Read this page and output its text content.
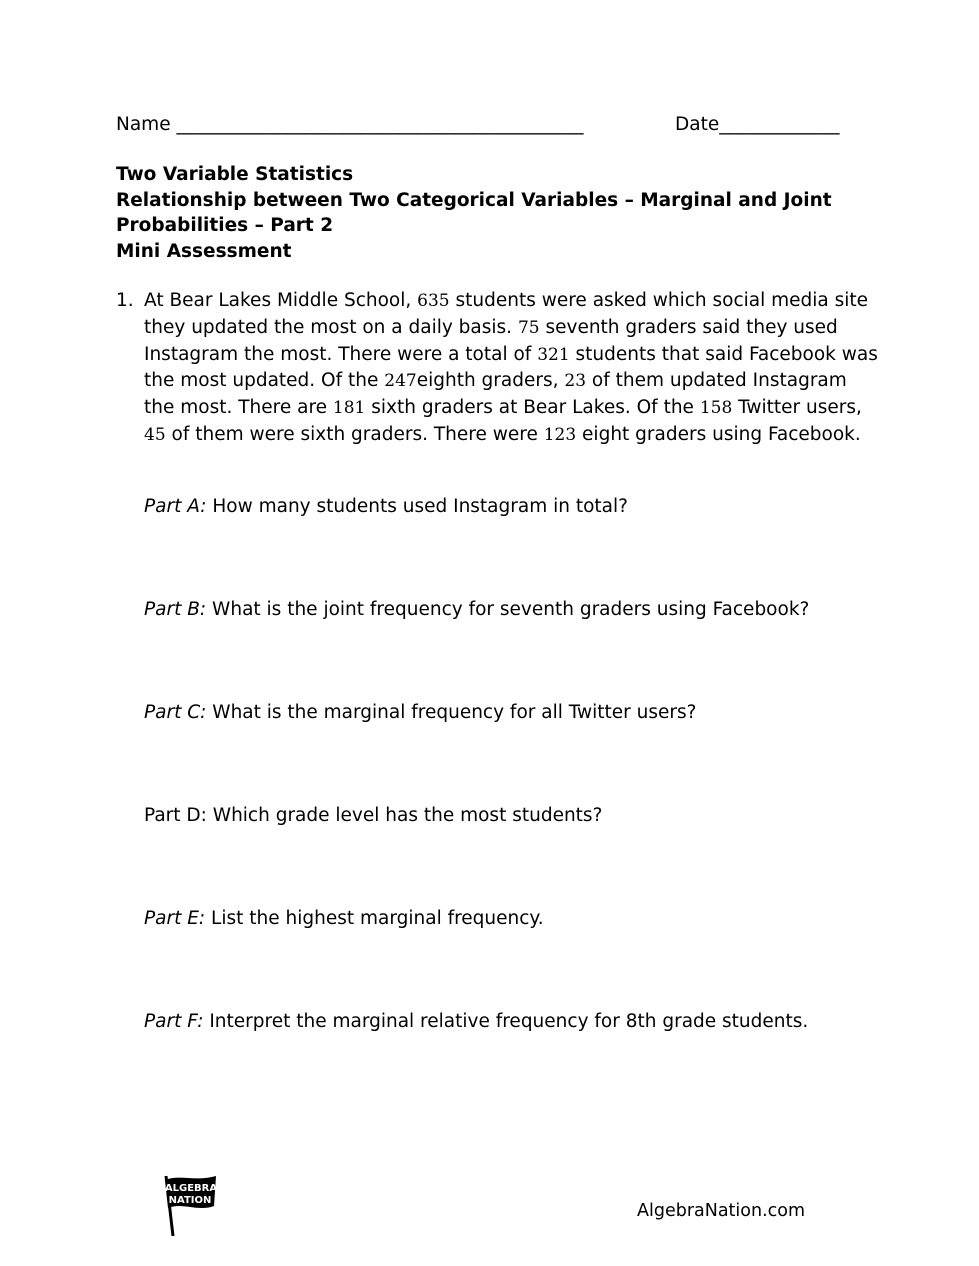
Name ____________________________________________	Date_____________
Two Variable Statistics
Relationship between Two Categorical Variables – Marginal and Joint
Probabilities – Part 2
Mini Assessment
1. At Bear Lakes Middle School, 635 students were asked which social media site they updated the most on a daily basis. 75 seventh graders said they used Instagram the most. There were a total of 321 students that said Facebook was the most updated. Of the 247eighth graders, 23 of them updated Instagram the most. There are 181 sixth graders at Bear Lakes. Of the 158 Twitter users, 45 of them were sixth graders. There were 123 eight graders using Facebook.
Part A: How many students used Instagram in total?
Part B: What is the joint frequency for seventh graders using Facebook?
Part C: What is the marginal frequency for all Twitter users?
Part D: Which grade level has the most students?
Part E: List the highest marginal frequency.
Part F: Interpret the marginal relative frequency for 8th grade students.
ALGEBRA
NATION
AlgebraNation.com
